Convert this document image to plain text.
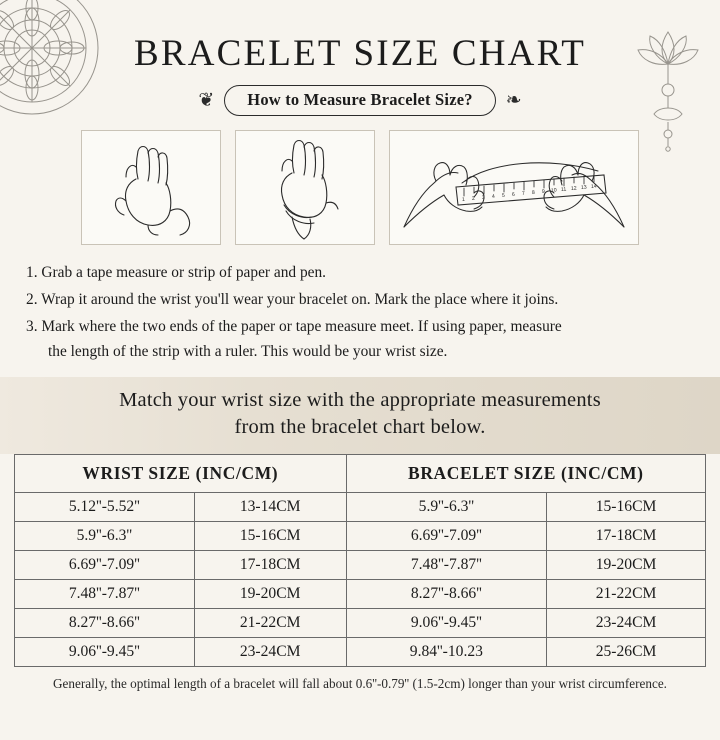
BRACELET SIZE CHART
❦	How to Measure Bracelet Size?	❧
1 2 3 4 5 6 7 8 9 10 11 12 13 14
1. Grab a tape measure or strip of paper and pen.
2. Wrap it around the wrist you'll wear your bracelet on. Mark the place where it joins.
3. Mark where the two ends of the paper or tape measure meet. If using paper, measure
the length of the strip with a ruler. This would be your wrist size.
Match your wrist size with the appropriate measurements
from the bracelet chart below.
WRIST SIZE (INC/CM)		BRACELET SIZE (INC/CM)	
5.12''-5.52''	13-14CM	5.9''-6.3''	15-16CM
5.9''-6.3''	15-16CM	6.69''-7.09''	17-18CM
6.69''-7.09''	17-18CM	7.48''-7.87''	19-20CM
7.48''-7.87''	19-20CM	8.27''-8.66''	21-22CM
8.27''-8.66''	21-22CM	9.06''-9.45''	23-24CM
9.06''-9.45''	23-24CM	9.84''-10.23	25-26CM
Generally, the optimal length of a bracelet will fall about 0.6''-0.79'' (1.5-2cm) longer than your wrist circumference.
